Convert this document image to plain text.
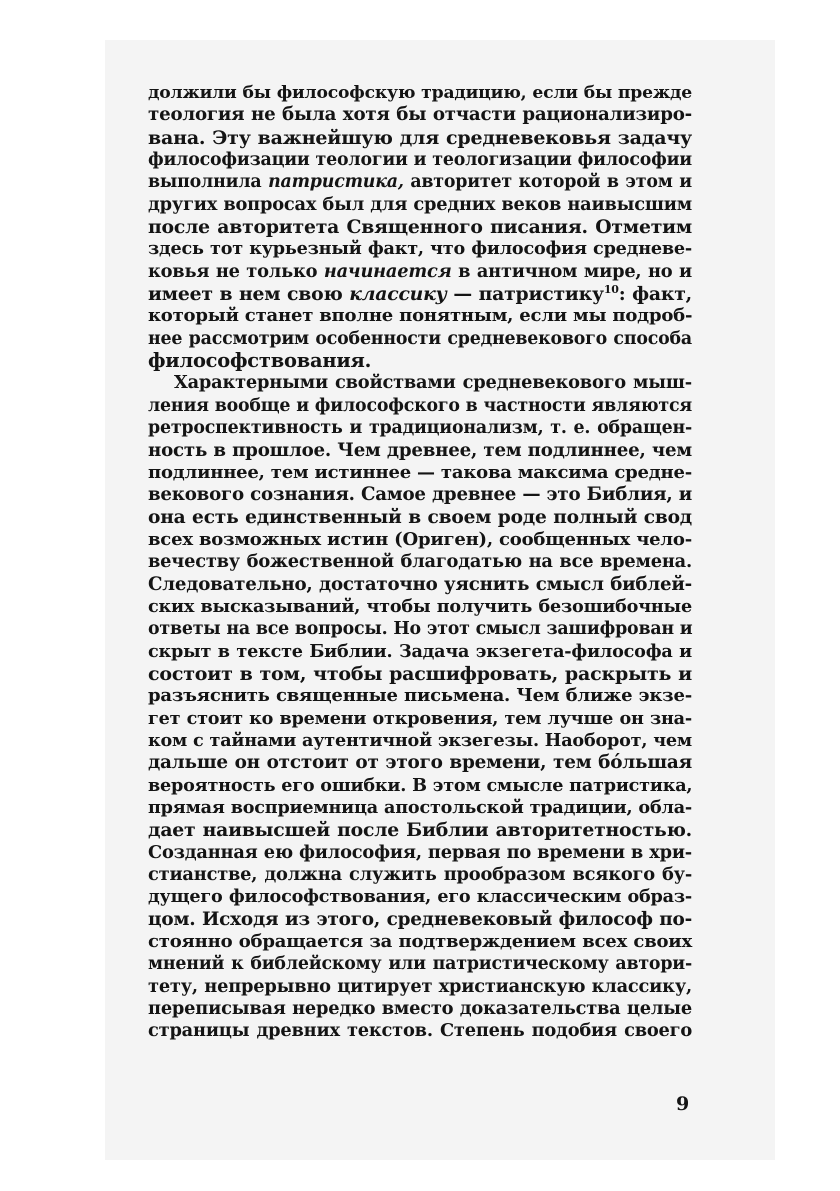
должили бы философскую традицию, если бы прежде
теология не была хотя бы отчасти рационализиро-
вана. Эту важнейшую для средневековья задачу
философизации теологии и теологизации философии
выполнила патристика, авторитет которой в этом и
других вопросах был для средних веков наивысшим
после авторитета Священного писания. Отметим
здесь тот курьезный факт, что философия средневе-
ковья не только начинается в античном мире, но и
имеет в нем свою классику — патристику$^{10}$: факт,
который станет вполне понятным, если мы подроб-
нее рассмотрим особенности средневекового способа
философствования.
Характерными свойствами средневекового мыш-
ления вообще и философского в частности являются
ретроспективность и традиционализм, т. е. обращен-
ность в прошлое. Чем древнее, тем подлиннее, чем
подлиннее, тем истиннее — такова максима средне-
векового сознания. Самое древнее — это Библия, и
она есть единственный в своем роде полный свод
всех возможных истин (Ориген), сообщенных чело-
вечеству божественной благодатью на все времена.
Следовательно, достаточно уяснить смысл библей-
ских высказываний, чтобы получить безошибочные
ответы на все вопросы. Но этот смысл зашифрован и
скрыт в тексте Библии. Задача экзегета-философа и
состоит в том, чтобы расшифровать, раскрыть и
разъяснить священные письмена. Чем ближе экзе-
гет стоит ко времени откровения, тем лучше он зна-
ком с тайнами аутентичной экзегезы. Наоборот, чем
дальше он отстоит от этого времени, тем бóльшая
вероятность его ошибки. В этом смысле патристика,
прямая восприемница апостольской традиции, обла-
дает наивысшей после Библии авторитетностью.
Созданная ею философия, первая по времени в хри-
стианстве, должна служить прообразом всякого бу-
дущего философствования, его классическим образ-
цом. Исходя из этого, средневековый философ по-
стоянно обращается за подтверждением всех своих
мнений к библейскому или патристическому автори-
тету, непрерывно цитирует христианскую классику,
переписывая нередко вместо доказательства целые
страницы древних текстов. Степень подобия своего
9
